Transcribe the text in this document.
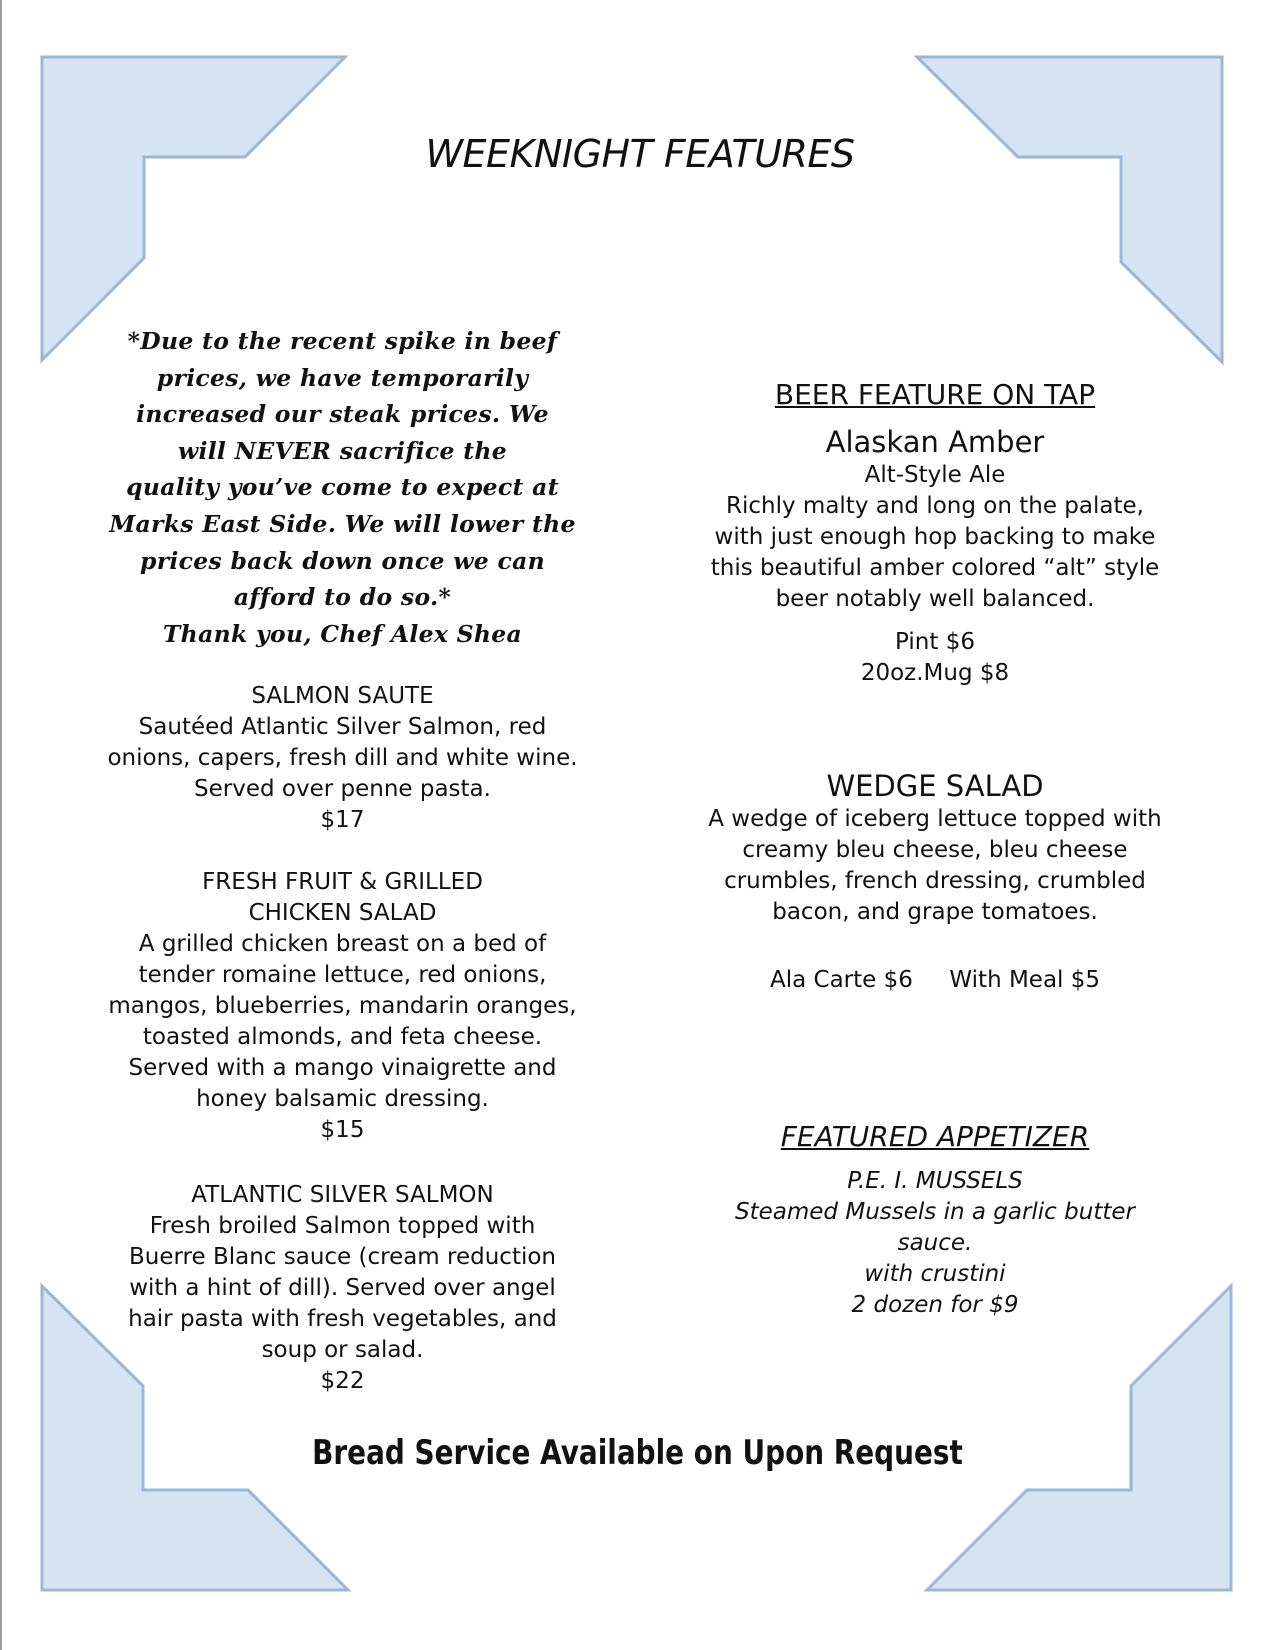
WEEKNIGHT FEATURES
*Due to the recent spike in beef
prices, we have temporarily
increased our steak prices. We
will NEVER sacrifice the
quality you’ve come to expect at
Marks East Side. We will lower the
prices back down once we can
afford to do so.*
Thank you, Chef Alex Shea
SALMON SAUTE
Sautéed Atlantic Silver Salmon, red
onions, capers, fresh dill and white wine.
Served over penne pasta.
$17
FRESH FRUIT & GRILLED
CHICKEN SALAD
A grilled chicken breast on a bed of
tender romaine lettuce, red onions,
mangos, blueberries, mandarin oranges,
toasted almonds, and feta cheese.
Served with a mango vinaigrette and
honey balsamic dressing.
$15
ATLANTIC SILVER SALMON
Fresh broiled Salmon topped with
Buerre Blanc sauce (cream reduction
with a hint of dill). Served over angel
hair pasta with fresh vegetables, and
soup or salad.
$22
BEER FEATURE ON TAP
Alaskan Amber
Alt-Style Ale
Richly malty and long on the palate,
with just enough hop backing to make
this beautiful amber colored “alt” style
beer notably well balanced.
Pint $6
20oz.Mug $8
WEDGE SALAD
A wedge of iceberg lettuce topped with
creamy bleu cheese, bleu cheese
crumbles, french dressing, crumbled
bacon, and grape tomatoes.
Ala Carte $6     With Meal $5
FEATURED APPETIZER
P.E. I. MUSSELS
Steamed Mussels in a garlic butter
sauce.
with crustini
2 dozen for $9
Bread Service Available on Upon Request
